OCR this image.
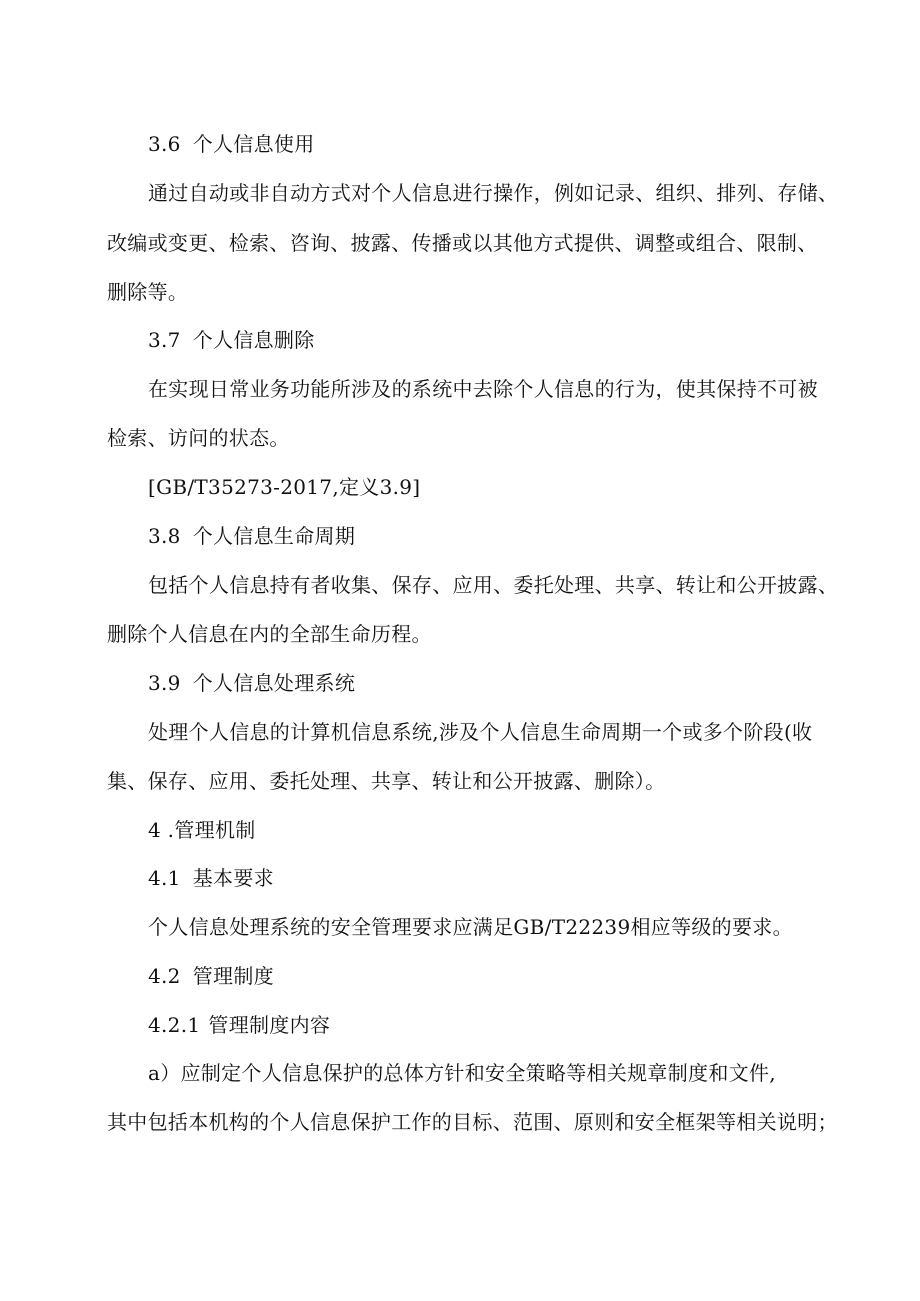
3.6 个人信息使用
通过自动或非自动方式对个人信息进行操作，例如记录、组织、排列、存储、
改编或变更、检索、咨询、披露、传播或以其他方式提供、调整或组合、限制、
删除等。
3.7 个人信息删除
在实现日常业务功能所涉及的系统中去除个人信息的行为，使其保持不可被
检索、访问的状态。
[GB/T35273-2017,定义3.9]
3.8 个人信息生命周期
包括个人信息持有者收集、保存、应用、委托处理、共享、转让和公开披露、
删除个人信息在内的全部生命历程。
3.9 个人信息处理系统
处理个人信息的计算机信息系统,涉及个人信息生命周期一个或多个阶段(收
集、保存、应用、委托处理、共享、转让和公开披露、删除）。
4 .管理机制
4.1 基本要求
个人信息处理系统的安全管理要求应满足GB/T22239相应等级的要求。
4.2 管理制度
4.2.1 管理制度内容
a）应制定个人信息保护的总体方针和安全策略等相关规章制度和文件,
其中包括本机构的个人信息保护工作的目标、范围、原则和安全框架等相关说明；
